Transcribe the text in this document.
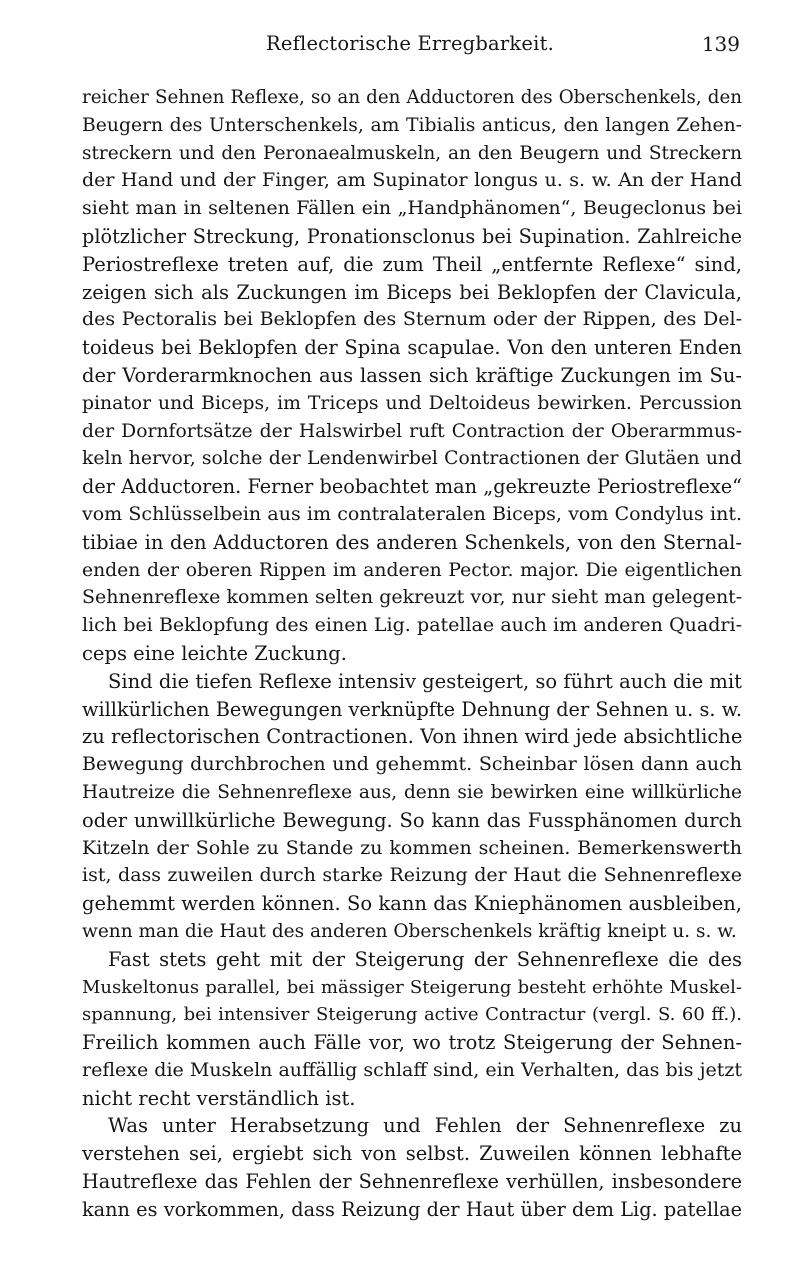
Reflectorische Erregbarkeit.	139
reicher Sehnen Reflexe, so an den Adductoren des Oberschenkels, den
Beugern des Unterschenkels, am Tibialis anticus, den langen Zehen-
streckern und den Peronaealmuskeln, an den Beugern und Streckern
der Hand und der Finger, am Supinator longus u. s. w. An der Hand
sieht man in seltenen Fällen ein „Handphänomen“, Beugeclonus bei
plötzlicher Streckung, Pronationsclonus bei Supination. Zahlreiche
Periostreflexe treten auf, die zum Theil „entfernte Reflexe“ sind,
zeigen sich als Zuckungen im Biceps bei Beklopfen der Clavicula,
des Pectoralis bei Beklopfen des Sternum oder der Rippen, des Del-
toideus bei Beklopfen der Spina scapulae. Von den unteren Enden
der Vorderarmknochen aus lassen sich kräftige Zuckungen im Su-
pinator und Biceps, im Triceps und Deltoideus bewirken. Percussion
der Dornfortsätze der Halswirbel ruft Contraction der Oberarmmus-
keln hervor, solche der Lendenwirbel Contractionen der Glutäen und
der Adductoren. Ferner beobachtet man „gekreuzte Periostreflexe“
vom Schlüsselbein aus im contralateralen Biceps, vom Condylus int.
tibiae in den Adductoren des anderen Schenkels, von den Sternal-
enden der oberen Rippen im anderen Pector. major. Die eigentlichen
Sehnenreflexe kommen selten gekreuzt vor, nur sieht man gelegent-
lich bei Beklopfung des einen Lig. patellae auch im anderen Quadri-
ceps eine leichte Zuckung.
Sind die tiefen Reflexe intensiv gesteigert, so führt auch die mit
willkürlichen Bewegungen verknüpfte Dehnung der Sehnen u. s. w.
zu reflectorischen Contractionen. Von ihnen wird jede absichtliche
Bewegung durchbrochen und gehemmt. Scheinbar lösen dann auch
Hautreize die Sehnenreflexe aus, denn sie bewirken eine willkürliche
oder unwillkürliche Bewegung. So kann das Fussphänomen durch
Kitzeln der Sohle zu Stande zu kommen scheinen. Bemerkenswerth
ist, dass zuweilen durch starke Reizung der Haut die Sehnenreflexe
gehemmt werden können. So kann das Kniephänomen ausbleiben,
wenn man die Haut des anderen Oberschenkels kräftig kneipt u. s. w.
Fast stets geht mit der Steigerung der Sehnenreflexe die des
Muskeltonus parallel, bei mässiger Steigerung besteht erhöhte Muskel-
spannung, bei intensiver Steigerung active Contractur (vergl. S. 60 ff.).
Freilich kommen auch Fälle vor, wo trotz Steigerung der Sehnen-
reflexe die Muskeln auffällig schlaff sind, ein Verhalten, das bis jetzt
nicht recht verständlich ist.
Was unter Herabsetzung und Fehlen der Sehnenreflexe zu
verstehen sei, ergiebt sich von selbst. Zuweilen können lebhafte
Hautreflexe das Fehlen der Sehnenreflexe verhüllen, insbesondere
kann es vorkommen, dass Reizung der Haut über dem Lig. patellae
